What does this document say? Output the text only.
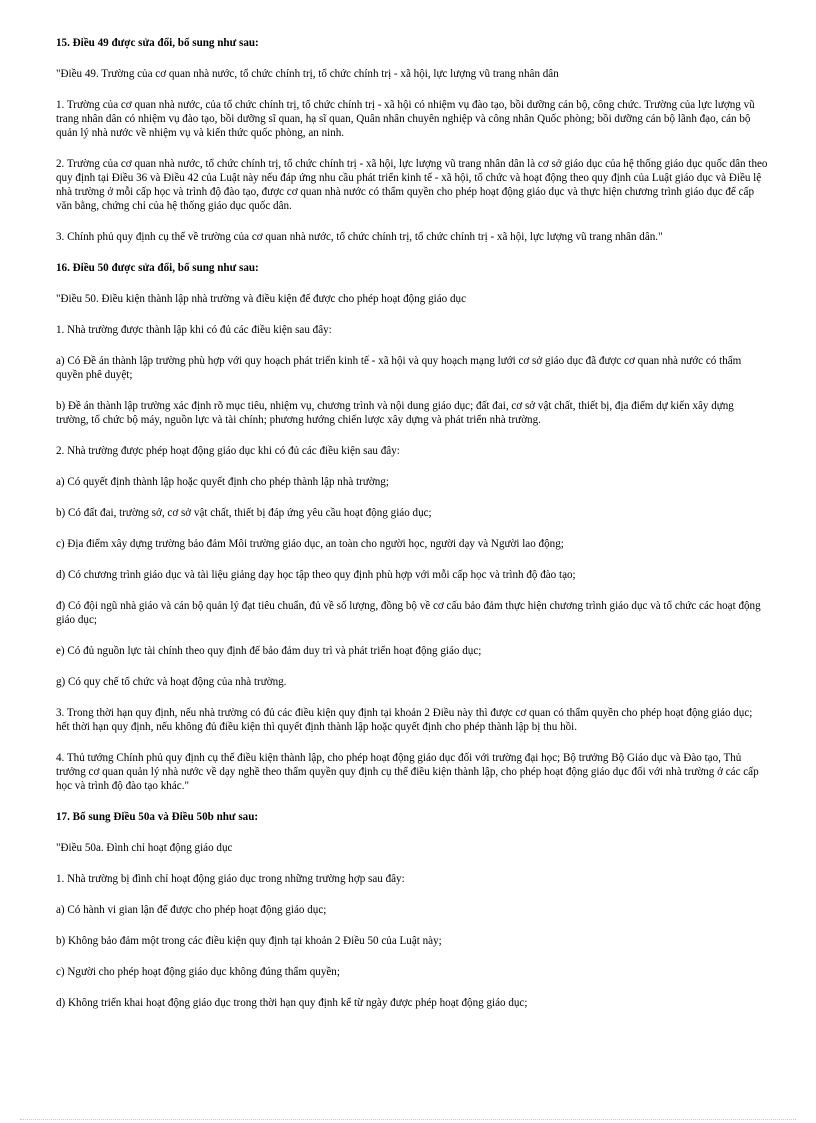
15. Điều 49 được sửa đổi, bổ sung như sau:

"Điều 49. Trường của cơ quan nhà nước, tổ chức chính trị, tổ chức chính trị - xã hội, lực lượng vũ trang nhân dân

1. Trường của cơ quan nhà nước, của tổ chức chính trị, tổ chức chính trị - xã hội có nhiệm vụ đào tạo, bồi dưỡng cán bộ, công chức. Trường của lực lượng vũ trang nhân dân có nhiệm vụ đào tạo, bồi dưỡng sĩ quan, hạ sĩ quan, Quân nhân chuyên nghiệp và công nhân Quốc phòng; bồi dưỡng cán bộ lãnh đạo, cán bộ quản lý nhà nước về nhiệm vụ và kiến thức quốc phòng, an ninh.

2. Trường của cơ quan nhà nước, tổ chức chính trị, tổ chức chính trị - xã hội, lực lượng vũ trang nhân dân là cơ sở giáo dục của hệ thống giáo dục quốc dân theo quy định tại Điều 36 và Điều 42 của Luật này nếu đáp ứng nhu cầu phát triển kinh tế - xã hội, tổ chức và hoạt động theo quy định của Luật giáo dục và Điều lệ nhà trường ở mỗi cấp học và trình độ đào tạo, được cơ quan nhà nước có thẩm quyền cho phép hoạt động giáo dục và thực hiện chương trình giáo dục để cấp văn bằng, chứng chỉ của hệ thống giáo dục quốc dân.

3. Chính phủ quy định cụ thể về trường của cơ quan nhà nước, tổ chức chính trị, tổ chức chính trị - xã hội, lực lượng vũ trang nhân dân."

16. Điều 50 được sửa đổi, bổ sung như sau:

"Điều 50. Điều kiện thành lập nhà trường và điều kiện để được cho phép hoạt động giáo dục

1. Nhà trường được thành lập khi có đủ các điều kiện sau đây:

a) Có Đề án thành lập trường phù hợp với quy hoạch phát triển kinh tế - xã hội và quy hoạch mạng lưới cơ sở giáo dục đã được cơ quan nhà nước có thẩm quyền phê duyệt;

b) Đề án thành lập trường xác định rõ mục tiêu, nhiệm vụ, chương trình và nội dung giáo dục; đất đai, cơ sở vật chất, thiết bị, địa điểm dự kiến xây dựng trường, tổ chức bộ máy, nguồn lực và tài chính; phương hướng chiến lược xây dựng và phát triển nhà trường.

2. Nhà trường được phép hoạt động giáo dục khi có đủ các điều kiện sau đây:

a) Có quyết định thành lập hoặc quyết định cho phép thành lập nhà trường;

b) Có đất đai, trường sở, cơ sở vật chất, thiết bị đáp ứng yêu cầu hoạt động giáo dục;

c) Địa điểm xây dựng trường bảo đảm Môi trường giáo dục, an toàn cho người học, người dạy và Người lao động;

d) Có chương trình giáo dục và tài liệu giảng dạy học tập theo quy định phù hợp với mỗi cấp học và trình độ đào tạo;

đ) Có đội ngũ nhà giáo và cán bộ quản lý đạt tiêu chuẩn, đủ về số lượng, đồng bộ về cơ cấu bảo đảm thực hiện chương trình giáo dục và tổ chức các hoạt động giáo dục;

e) Có đủ nguồn lực tài chính theo quy định để bảo đảm duy trì và phát triển hoạt động giáo dục;

g) Có quy chế tổ chức và hoạt động của nhà trường.

3. Trong thời hạn quy định, nếu nhà trường có đủ các điều kiện quy định tại khoản 2 Điều này thì được cơ quan có thẩm quyền cho phép hoạt động giáo dục; hết thời hạn quy định, nếu không đủ điều kiện thì quyết định thành lập hoặc quyết định cho phép thành lập bị thu hồi.

4. Thủ tướng Chính phủ quy định cụ thể điều kiện thành lập, cho phép hoạt động giáo dục đối với trường đại học; Bộ trưởng Bộ Giáo dục và Đào tạo, Thủ trưởng cơ quan quản lý nhà nước về dạy nghề theo thẩm quyền quy định cụ thể điều kiện thành lập, cho phép hoạt động giáo dục đối với nhà trường ở các cấp học và trình độ đào tạo khác."

17. Bổ sung Điều 50a và Điều 50b như sau:

"Điều 50a. Đình chỉ hoạt động giáo dục

1. Nhà trường bị đình chỉ hoạt động giáo dục trong những trường hợp sau đây:

a) Có hành vi gian lận để được cho phép hoạt động giáo dục;

b) Không bảo đảm một trong các điều kiện quy định tại khoản 2 Điều 50 của Luật này;

c) Người cho phép hoạt động giáo dục không đúng thẩm quyền;

d) Không triển khai hoạt động giáo dục trong thời hạn quy định kể từ ngày được phép hoạt động giáo dục;
